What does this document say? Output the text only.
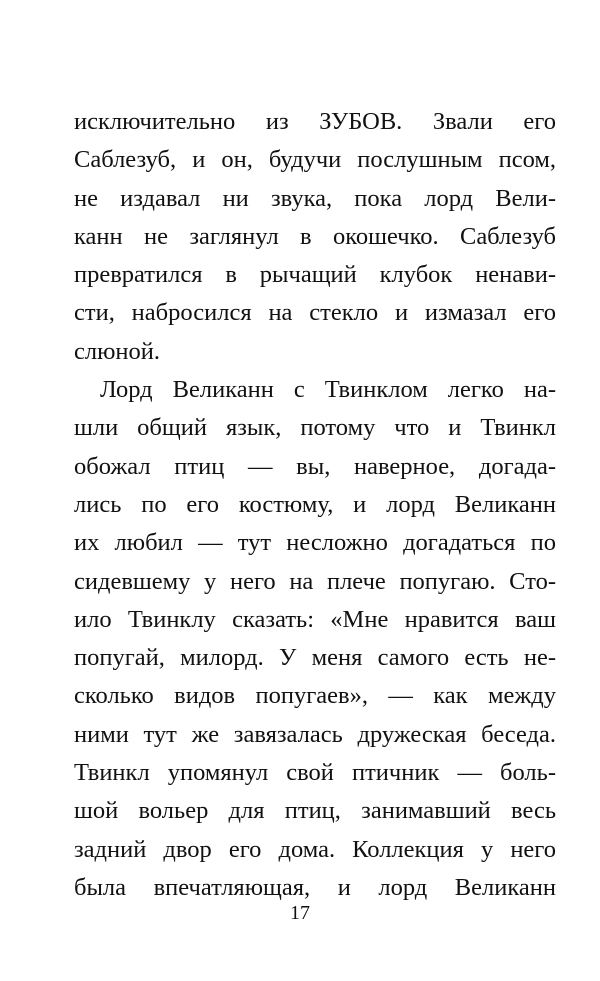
исключительно из ЗУБОВ. Звали его
Саблезуб, и он, будучи послушным псом,
не издавал ни звука, пока лорд Вели-
канн не заглянул в окошечко. Саблезуб
превратился в рычащий клубок ненави-
сти, набросился на стекло и измазал его
слюной.
Лорд Великанн с Твинклом легко на-
шли общий язык, потому что и Твинкл
обожал птиц — вы, наверное, догада-
лись по его костюму, и лорд Великанн
их любил — тут несложно догадаться по
сидевшему у него на плече попугаю. Сто-
ило Твинклу сказать: «Мне нравится ваш
попугай, милорд. У меня самого есть не-
сколько видов попугаев», — как между
ними тут же завязалась дружеская беседа.
Твинкл упомянул свой птичник — боль-
шой вольер для птиц, занимавший весь
задний двор его дома. Коллекция у него
была впечатляющая, и лорд Великанн
17
